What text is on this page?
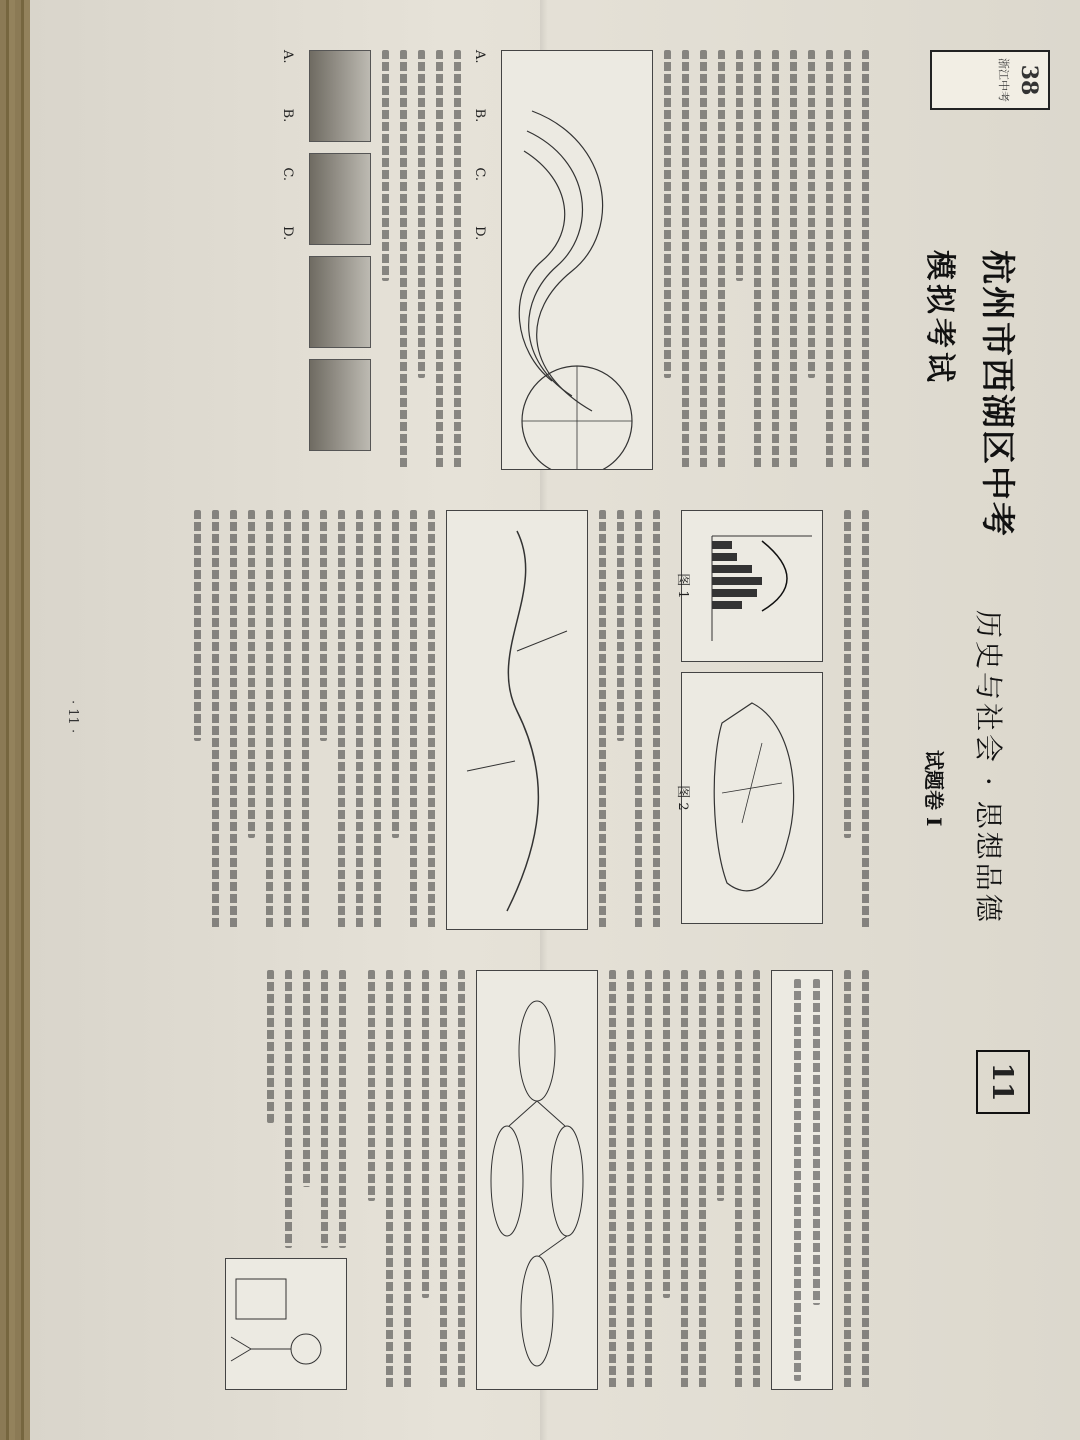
38
浙江中考
杭州市西湖区中考
模拟考试
历史与社会 · 思想品德
试题卷 Ⅰ
11
A. B. C. D.

A. B. C. D.
图 1
图 2
· 11 ·
